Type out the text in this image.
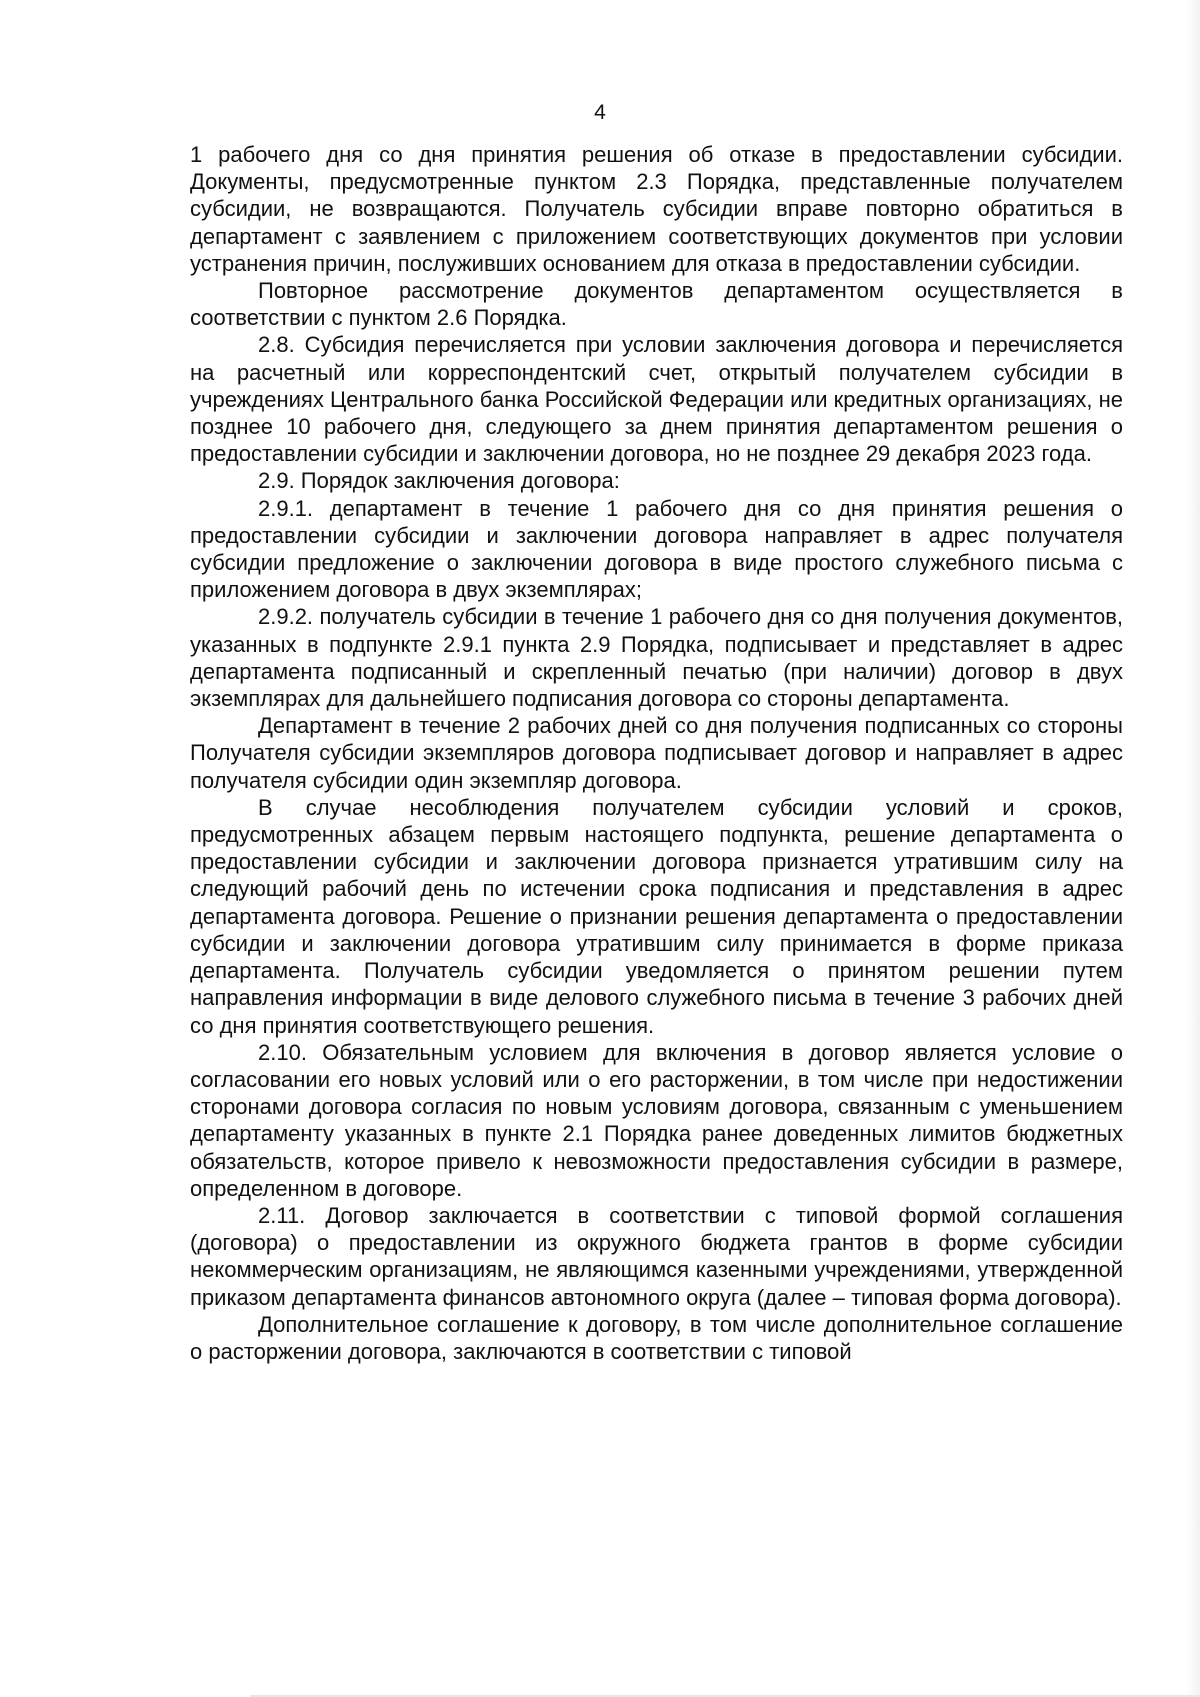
4

1 рабочего дня со дня принятия решения об отказе в предоставлении субсидии. Документы, предусмотренные пунктом 2.3 Порядка, представленные получателем субсидии, не возвращаются. Получатель субсидии вправе повторно обратиться в департамент с заявлением с приложением соответствующих документов при условии устранения причин, послуживших основанием для отказа в предоставлении субсидии.

Повторное рассмотрение документов департаментом осуществляется в соответствии с пунктом 2.6 Порядка.

2.8. Субсидия перечисляется при условии заключения договора и перечисляется на расчетный или корреспондентский счет, открытый получателем субсидии в учреждениях Центрального банка Российской Федерации или кредитных организациях, не позднее 10 рабочего дня, следующего за днем принятия департаментом решения о предоставлении субсидии и заключении договора, но не позднее 29 декабря 2023 года.

2.9. Порядок заключения договора:

2.9.1. департамент в течение 1 рабочего дня со дня принятия решения о предоставлении субсидии и заключении договора направляет в адрес получателя субсидии предложение о заключении договора в виде простого служебного письма с приложением договора в двух экземплярах;

2.9.2. получатель субсидии в течение 1 рабочего дня со дня получения документов, указанных в подпункте 2.9.1 пункта 2.9 Порядка, подписывает и представляет в адрес департамента подписанный и скрепленный печатью (при наличии) договор в двух экземплярах для дальнейшего подписания договора со стороны департамента.

Департамент в течение 2 рабочих дней со дня получения подписанных со стороны Получателя субсидии экземпляров договора подписывает договор и направляет в адрес получателя субсидии один экземпляр договора.

В случае несоблюдения получателем субсидии условий и сроков, предусмотренных абзацем первым настоящего подпункта, решение департамента о предоставлении субсидии и заключении договора признается утратившим силу на следующий рабочий день по истечении срока подписания и представления в адрес департамента договора. Решение о признании решения департамента о предоставлении субсидии и заключении договора утратившим силу принимается в форме приказа департамента. Получатель субсидии уведомляется о принятом решении путем направления информации в виде делового служебного письма в течение 3 рабочих дней со дня принятия соответствующего решения.

2.10. Обязательным условием для включения в договор является условие о согласовании его новых условий или о его расторжении, в том числе при недостижении сторонами договора согласия по новым условиям договора, связанным с уменьшением департаменту указанных в пункте 2.1 Порядка ранее доведенных лимитов бюджетных обязательств, которое привело к невозможности предоставления субсидии в размере, определенном в договоре.

2.11. Договор заключается в соответствии с типовой формой соглашения (договора) о предоставлении из окружного бюджета грантов в форме субсидии некоммерческим организациям, не являющимся казенными учреждениями, утвержденной приказом департамента финансов автономного округа (далее – типовая форма договора).

Дополнительное соглашение к договору, в том числе дополнительное соглашение о расторжении договора, заключаются в соответствии с типовой
